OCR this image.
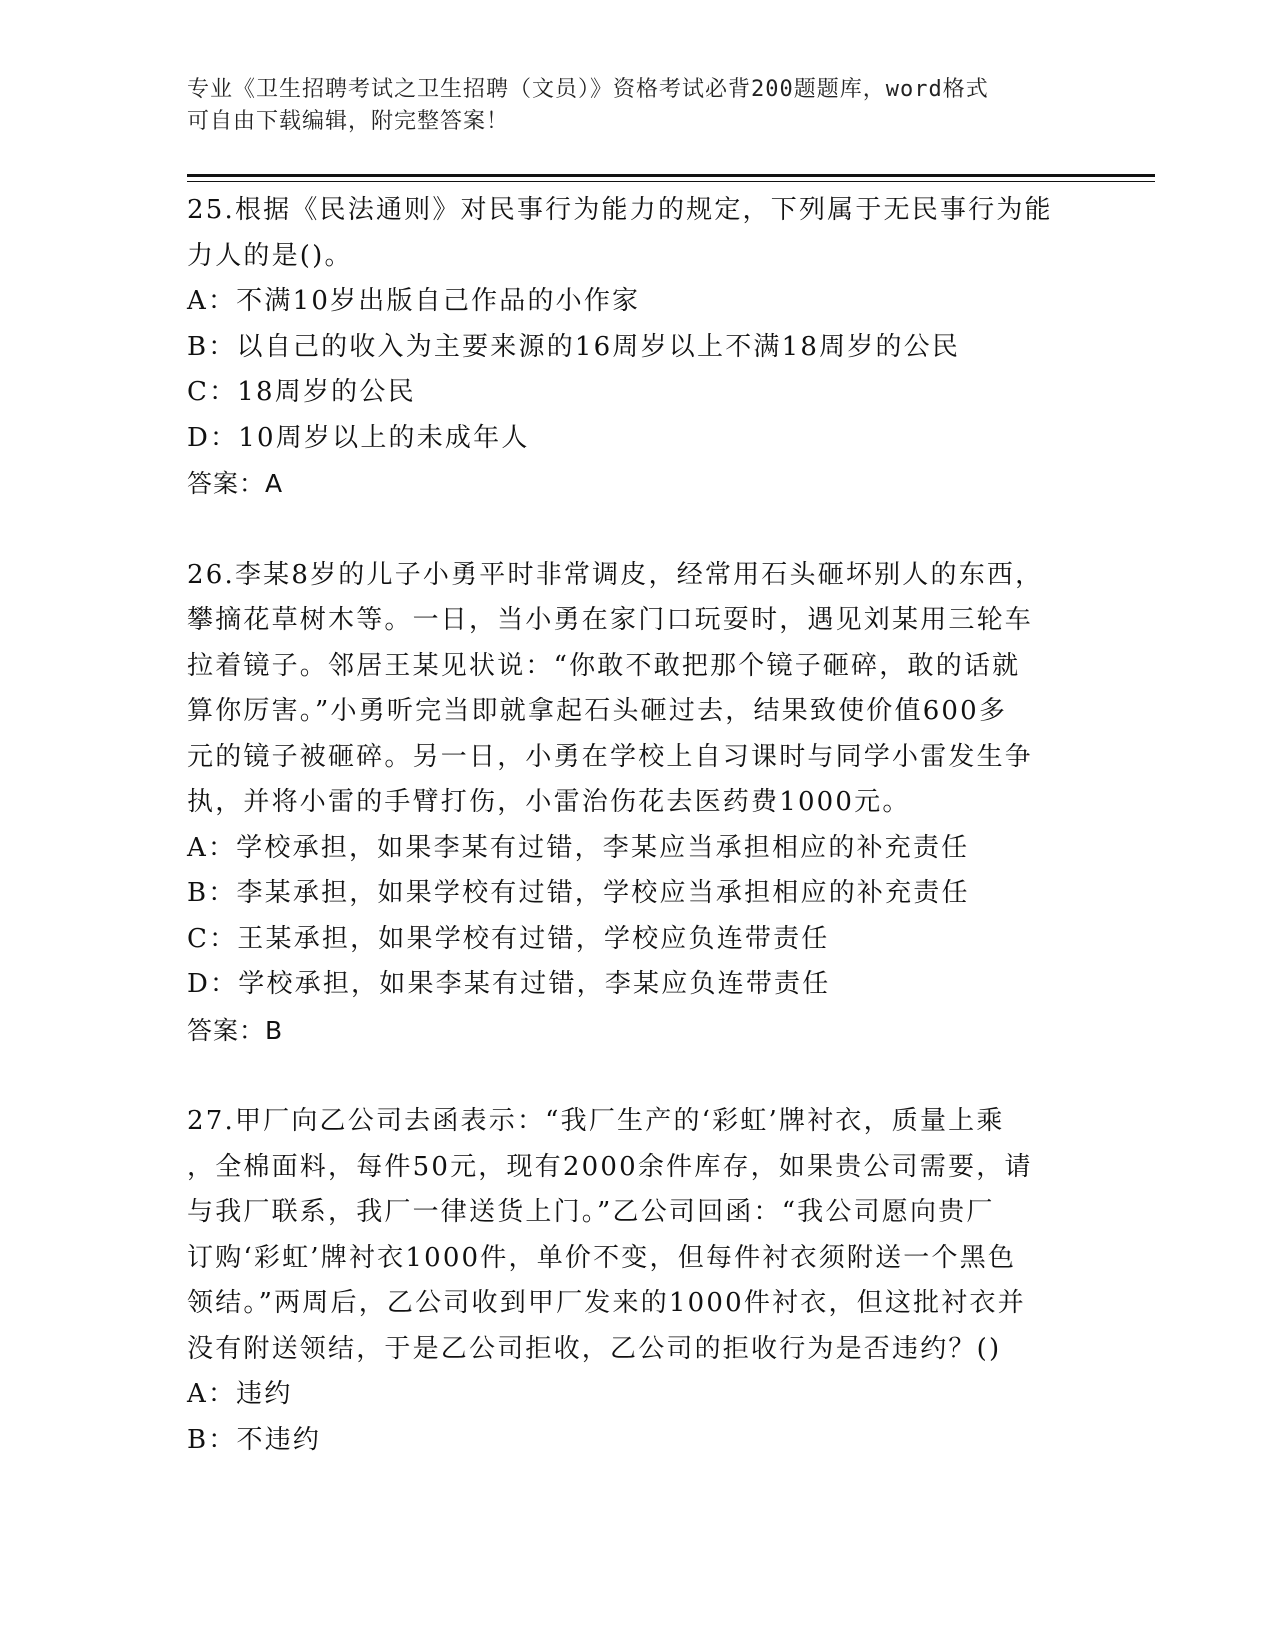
专业《卫生招聘考试之卫生招聘（文员）》资格考试必背200题题库，word格式
可自由下载编辑，附完整答案！
25.根据《民法通则》对民事行为能力的规定，下列属于无民事行为能
力人的是()。
A：不满10岁出版自己作品的小作家
B：以自己的收入为主要来源的16周岁以上不满18周岁的公民
C：18周岁的公民
D：10周岁以上的未成年人
答案：A
26.李某8岁的儿子小勇平时非常调皮，经常用石头砸坏别人的东西，
攀摘花草树木等。一日，当小勇在家门口玩耍时，遇见刘某用三轮车
拉着镜子。邻居王某见状说：“你敢不敢把那个镜子砸碎，敢的话就
算你厉害。”小勇听完当即就拿起石头砸过去，结果致使价值600多
元的镜子被砸碎。另一日，小勇在学校上自习课时与同学小雷发生争
执，并将小雷的手臂打伤，小雷治伤花去医药费1000元。
A：学校承担，如果李某有过错，李某应当承担相应的补充责任
B：李某承担，如果学校有过错，学校应当承担相应的补充责任
C：王某承担，如果学校有过错，学校应负连带责任
D：学校承担，如果李某有过错，李某应负连带责任
答案：B
27.甲厂向乙公司去函表示：“我厂生产的‘彩虹’牌衬衣，质量上乘
，全棉面料，每件50元，现有2000余件库存，如果贵公司需要，请
与我厂联系，我厂一律送货上门。”乙公司回函：“我公司愿向贵厂
订购‘彩虹’牌衬衣1000件，单价不变，但每件衬衣须附送一个黑色
领结。”两周后，乙公司收到甲厂发来的1000件衬衣，但这批衬衣并
没有附送领结，于是乙公司拒收，乙公司的拒收行为是否违约？()
A：违约
B：不违约
